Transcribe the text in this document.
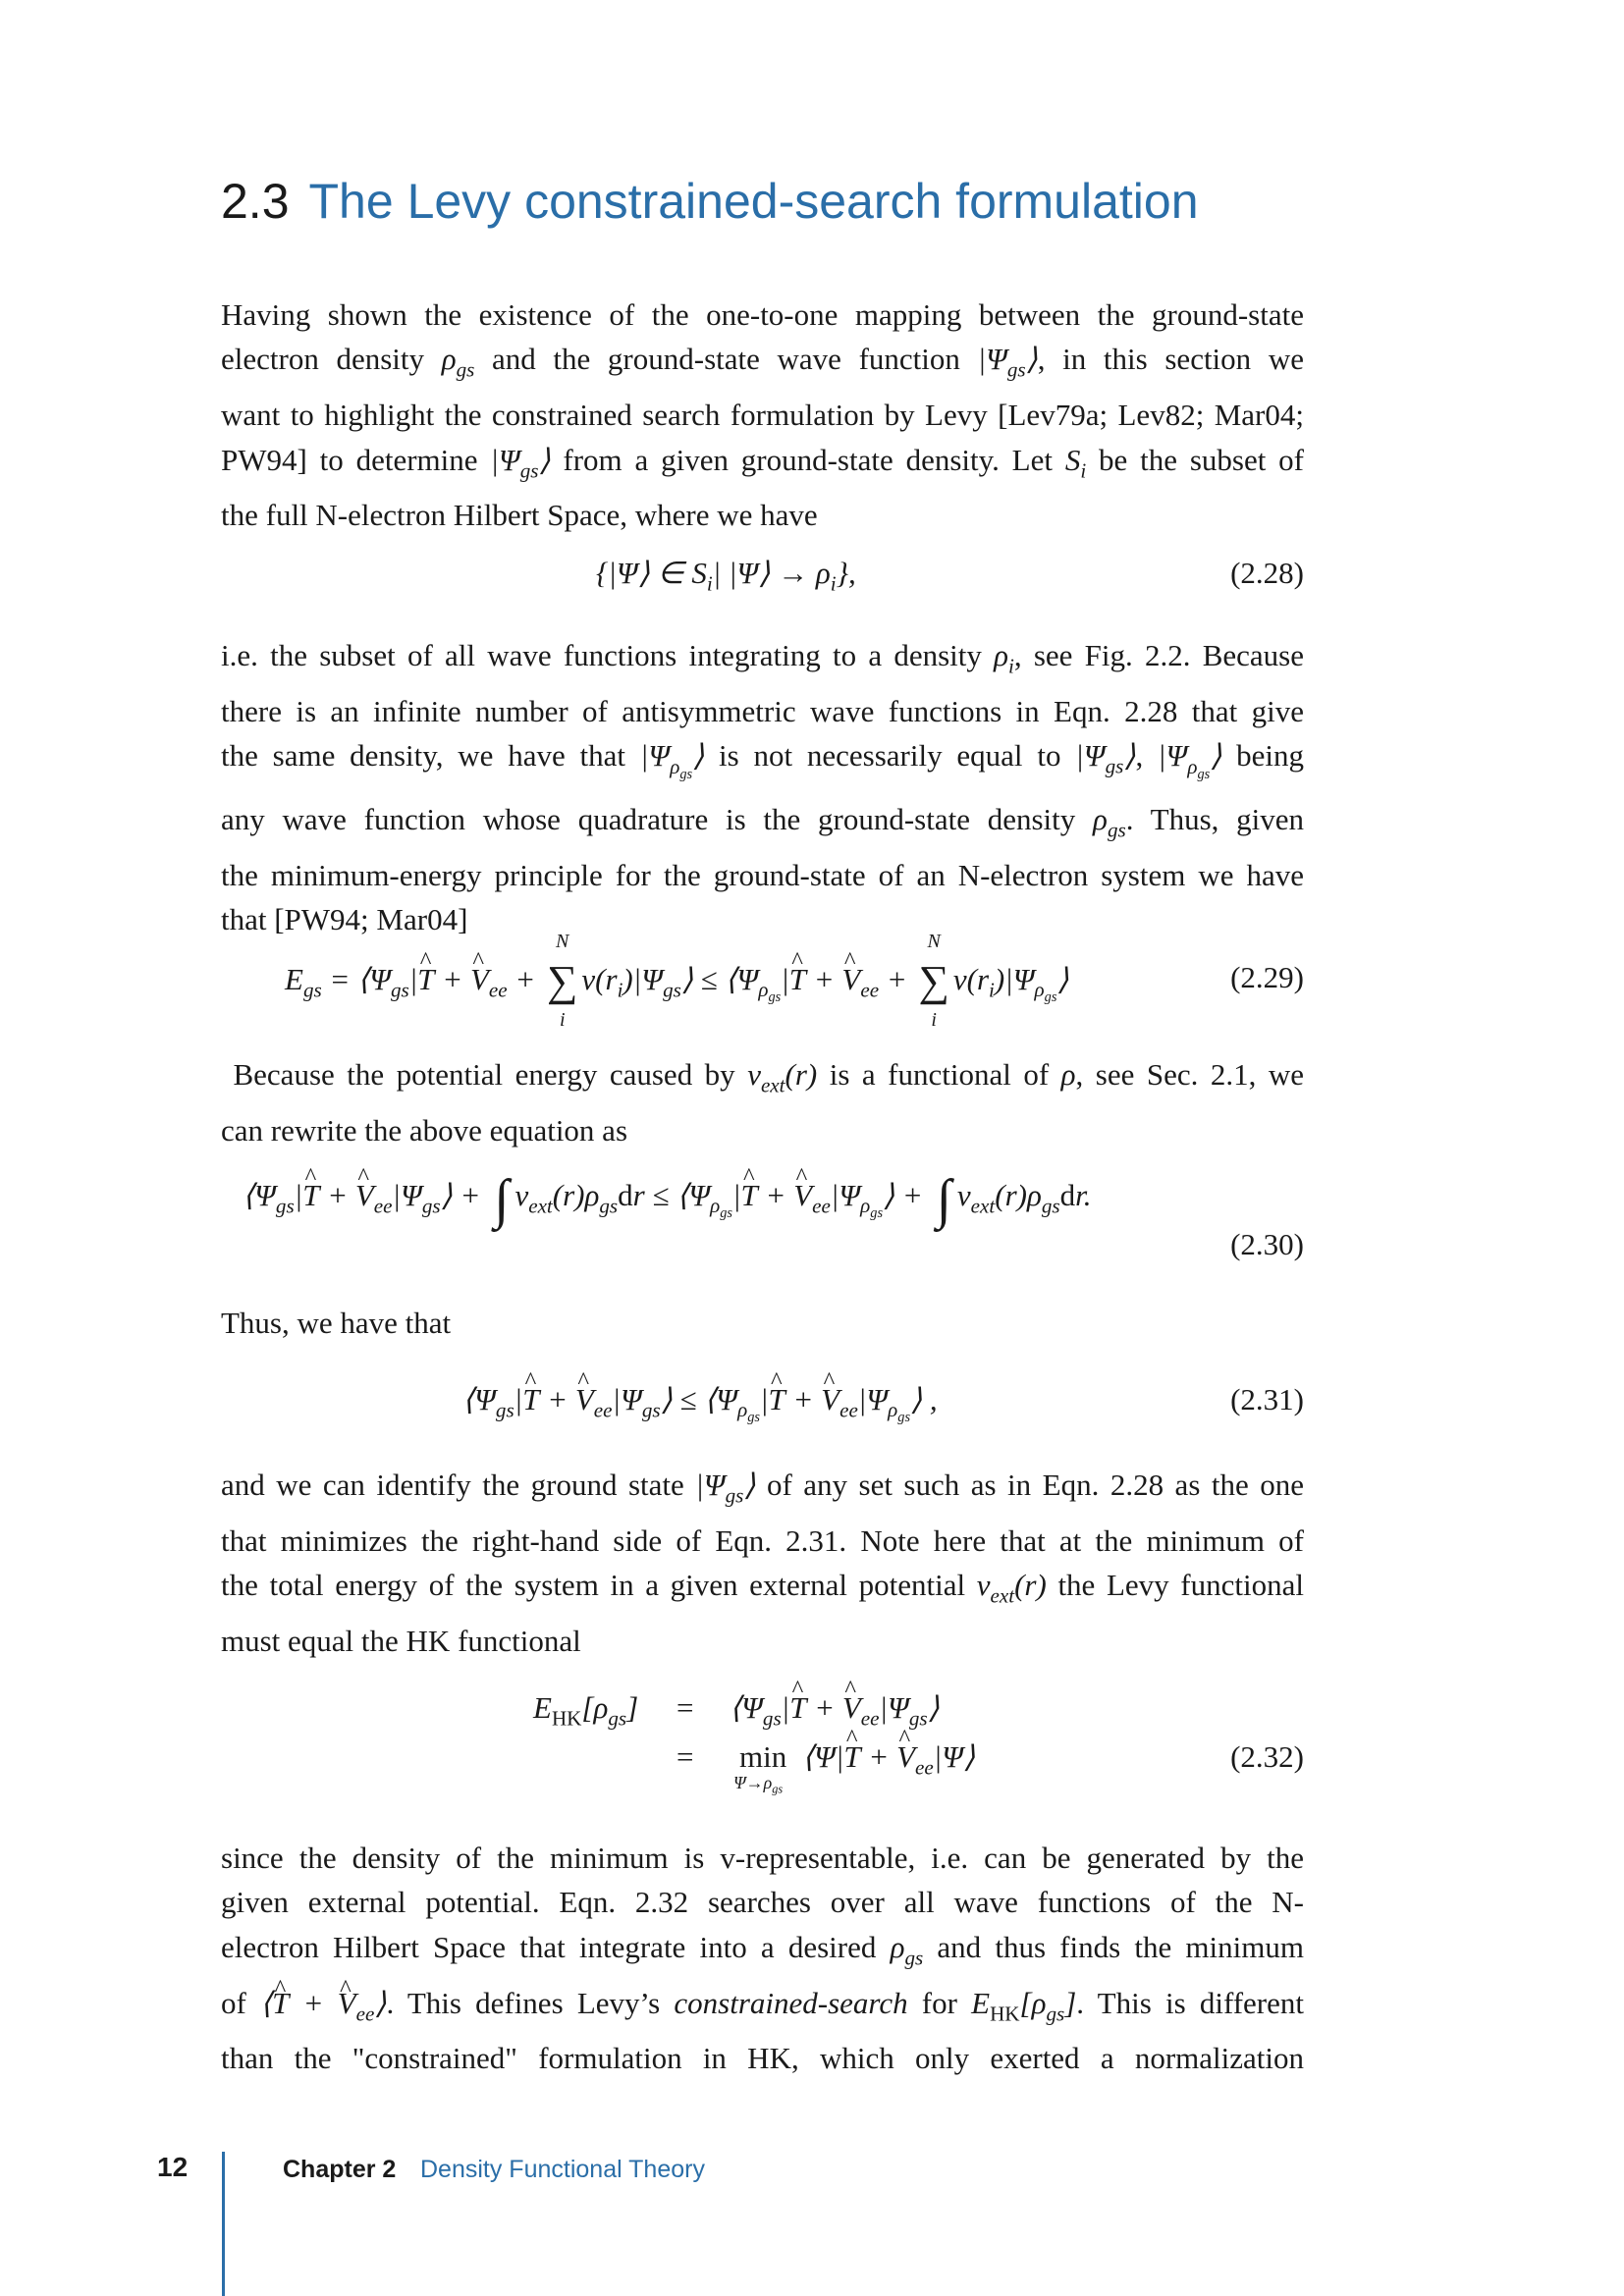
2.3 The Levy constrained-search formulation
Having shown the existence of the one-to-one mapping between the ground-state
electron density $\rho_{gs}$ and the ground-state wave function $|\Psi_{gs}⟩$, in this section we
want to highlight the constrained search formulation by Levy [Lev79a; Lev82; Mar04;
PW94] to determine $|\Psi_{gs}⟩$ from a given ground-state density. Let $S_i$ be the subset of
the full N-electron Hilbert Space, where we have
{|Ψ⟩ ∈ $S_i|$ |Ψ⟩ → $\rho_i$},	(2.28)
i.e. the subset of all wave functions integrating to a density $\rho_i$, see Fig. 2.2. Because
there is an infinite number of antisymmetric wave functions in Eqn. 2.28 that give
the same density, we have that $|\Psi_{\rho_{gs}}⟩$ is not necessarily equal to $|\Psi_{gs}⟩$, $|\Psi_{\rho_{gs}}⟩$ being
any wave function whose quadrature is the ground-state density $\rho_{gs}$. Thus, given
the minimum-energy principle for the ground-state of an N-electron system we have
that [PW94; Mar04]
$E_{gs}$ = $⟨\Psi_{gs}|T$ ^ + V $\^{}_{ee}$ + ∑
N
i
$v(r_i)|\Psi_{gs}⟩$ ≤ $⟨\Psi_{\rho_{gs}}|T$ ^ + V $\^{}_{ee}$ + ∑
N
i
$v(r_i)|\Psi_{\rho_{gs}}⟩$	(2.29)
Because the potential energy caused by $v_{ext}(r)$ is a functional of ρ, see Sec. 2.1, we
can rewrite the above equation as
$⟨\Psi_{gs}|T$ ^ + V $\^{}_{ee}|\Psi_{gs}⟩$ + ∫ $v_{ext}(r)\rho_{gs}dr$ ≤ $⟨\Psi_{\rho_{gs}}|T$ ^ + V $\^{}_{ee}|\Psi_{\rho_{gs}}⟩$ + ∫ $v_{ext}(r)\rho_{gs}dr$.
(2.30)
Thus, we have that
$⟨\Psi_{gs}|T$ ^ + V $\^{}_{ee}|\Psi_{gs}⟩$ ≤ $⟨\Psi_{\rho_{gs}}|T$ ^ + V $\^{}_{ee}|\Psi_{\rho_{gs}}⟩$ ,	(2.31)
and we can identify the ground state $|\Psi_{gs}⟩$ of any set such as in Eqn. 2.28 as the one
that minimizes the right-hand side of Eqn. 2.31. Note here that at the minimum of
the total energy of the system in a given external potential $v_{ext}(r)$ the Levy functional
must equal the HK functional
$E_{HK}[\rho_{gs}]$ = $⟨\Psi_{gs}|T$ ^ + V $\^{}_{ee}|\Psi_{gs}⟩$
= min
$\Psi\to\rho_{gs}$
⟨Ψ|T ^ + V $\^{}_{ee}|\Psi⟩$	(2.32)
since the density of the minimum is v-representable, i.e. can be generated by the
given external potential. Eqn. 2.32 searches over all wave functions of the N-
electron Hilbert Space that integrate into a desired $\rho_{gs}$ and thus finds the minimum
of ⟨T ^ + V $\^{}_{ee}⟩$. This defines Levy’s constrained-search for $E_{HK}[\rho_{gs}]$. This is different
than the "constrained" formulation in HK, which only exerted a normalization
12	Chapter 2 Density Functional Theory
